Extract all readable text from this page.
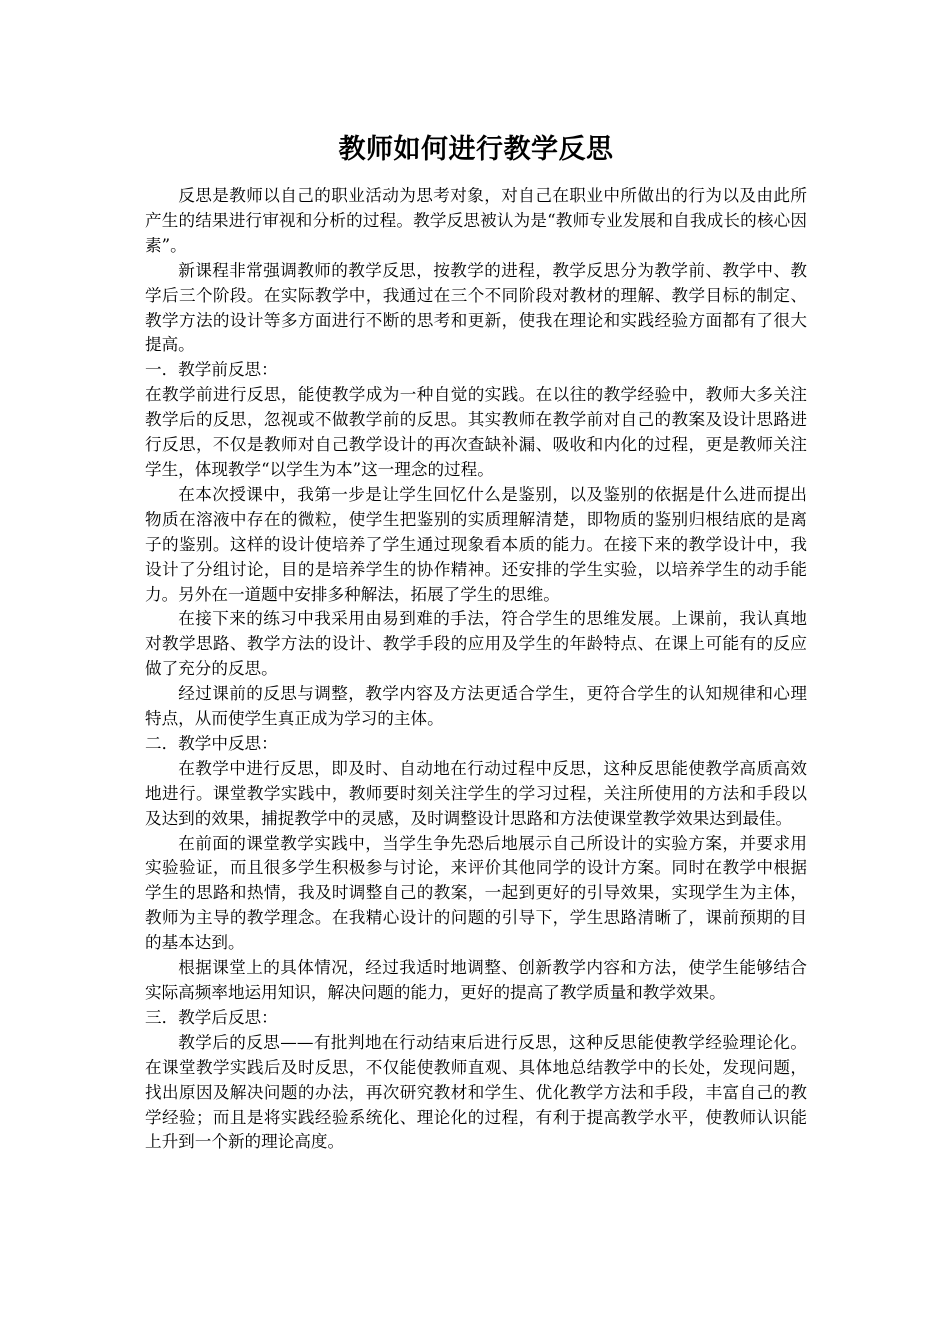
教师如何进行教学反思

反思是教师以自己的职业活动为思考对象，对自己在职业中所做出的行为以及由此所产生的结果进行审视和分析的过程。教学反思被认为是“教师专业发展和自我成长的核心因素”。

新课程非常强调教师的教学反思，按教学的进程，教学反思分为教学前、教学中、教学后三个阶段。在实际教学中，我通过在三个不同阶段对教材的理解、教学目标的制定、教学方法的设计等多方面进行不断的思考和更新，使我在理论和实践经验方面都有了很大提高。

一．教学前反思：

在教学前进行反思，能使教学成为一种自觉的实践。在以往的教学经验中，教师大多关注教学后的反思，忽视或不做教学前的反思。其实教师在教学前对自己的教案及设计思路进行反思，不仅是教师对自己教学设计的再次查缺补漏、吸收和内化的过程，更是教师关注学生，体现教学“以学生为本”这一理念的过程。

在本次授课中，我第一步是让学生回忆什么是鉴别，以及鉴别的依据是什么进而提出物质在溶液中存在的微粒，使学生把鉴别的实质理解清楚，即物质的鉴别归根结底的是离子的鉴别。这样的设计使培养了学生通过现象看本质的能力。在接下来的教学设计中，我设计了分组讨论，目的是培养学生的协作精神。还安排的学生实验，以培养学生的动手能力。另外在一道题中安排多种解法，拓展了学生的思维。

在接下来的练习中我采用由易到难的手法，符合学生的思维发展。上课前，我认真地对教学思路、教学方法的设计、教学手段的应用及学生的年龄特点、在课上可能有的反应做了充分的反思。

经过课前的反思与调整，教学内容及方法更适合学生，更符合学生的认知规律和心理特点，从而使学生真正成为学习的主体。

二．教学中反思：

在教学中进行反思，即及时、自动地在行动过程中反思，这种反思能使教学高质高效地进行。课堂教学实践中，教师要时刻关注学生的学习过程，关注所使用的方法和手段以及达到的效果，捕捉教学中的灵感，及时调整设计思路和方法使课堂教学效果达到最佳。

在前面的课堂教学实践中，当学生争先恐后地展示自己所设计的实验方案，并要求用实验验证，而且很多学生积极参与讨论，来评价其他同学的设计方案。同时在教学中根据学生的思路和热情，我及时调整自己的教案，一起到更好的引导效果，实现学生为主体，教师为主导的教学理念。在我精心设计的问题的引导下，学生思路清晰了，课前预期的目的基本达到。

根据课堂上的具体情况，经过我适时地调整、创新教学内容和方法，使学生能够结合实际高频率地运用知识，解决问题的能力，更好的提高了教学质量和教学效果。

三．教学后反思：

教学后的反思——有批判地在行动结束后进行反思，这种反思能使教学经验理论化。在课堂教学实践后及时反思，不仅能使教师直观、具体地总结教学中的长处，发现问题，找出原因及解决问题的办法，再次研究教材和学生、优化教学方法和手段，丰富自己的教学经验；而且是将实践经验系统化、理论化的过程，有利于提高教学水平，使教师认识能上升到一个新的理论高度。
